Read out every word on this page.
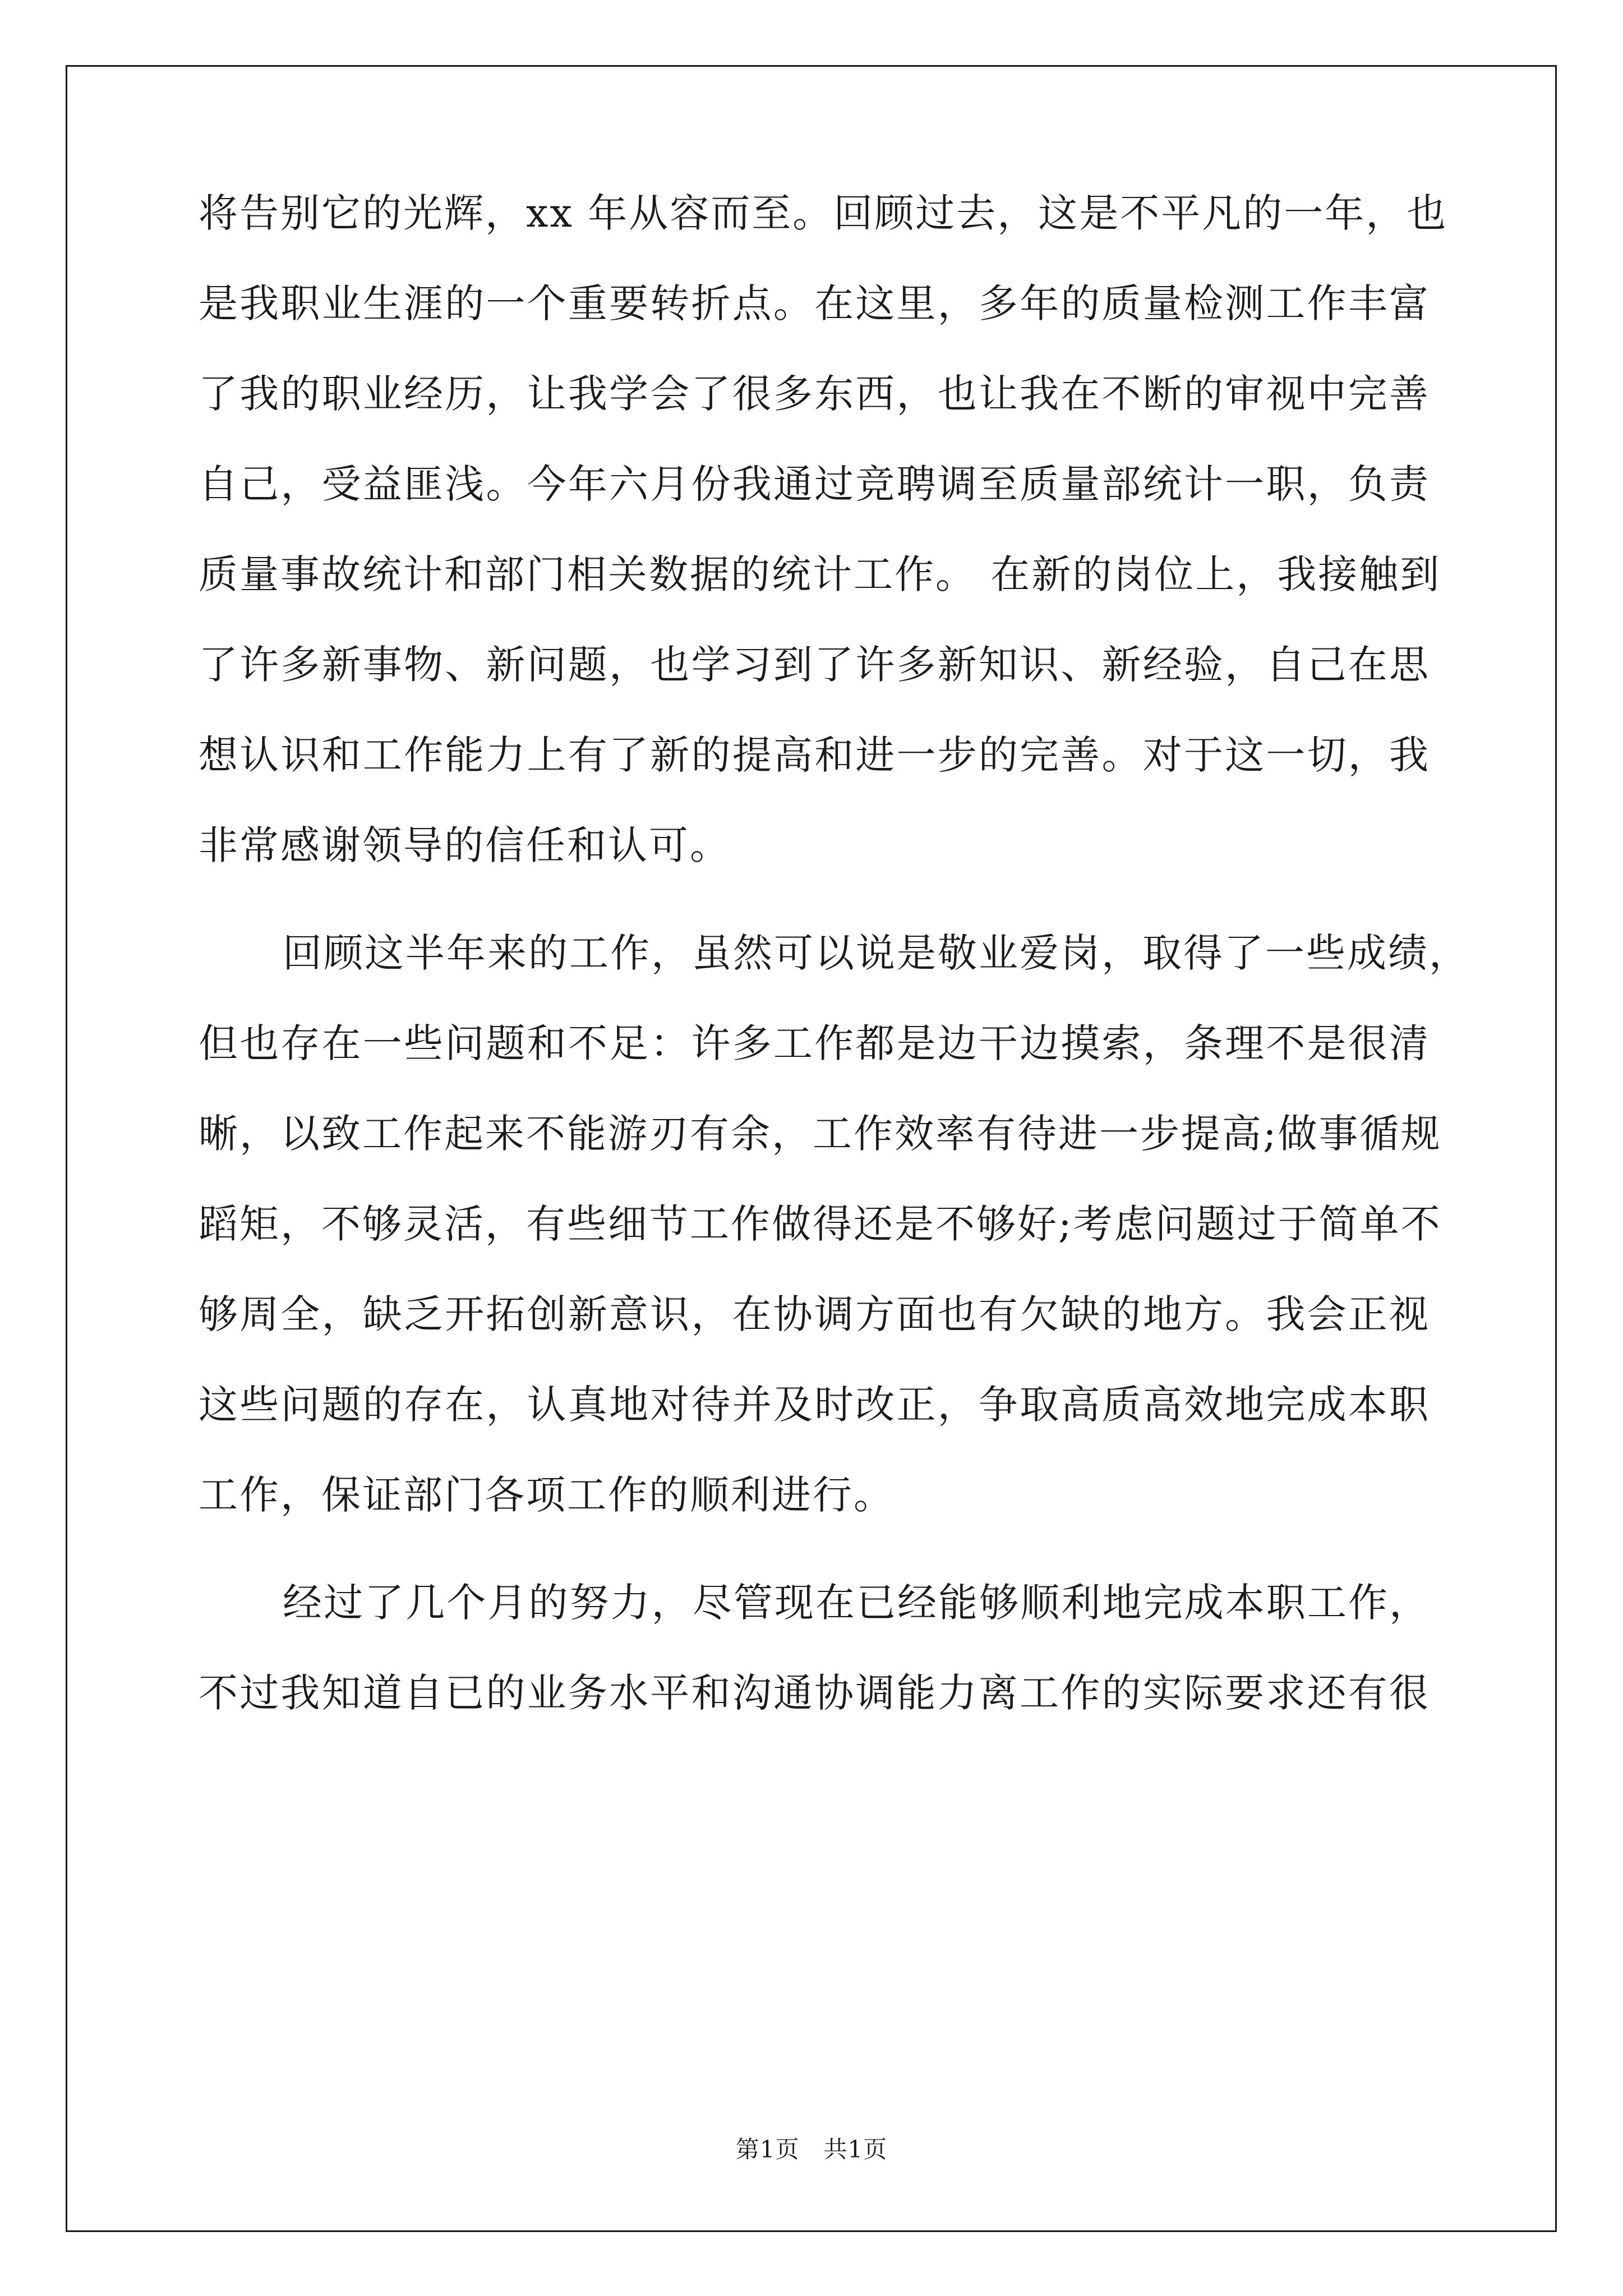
将告别它的光辉，xx 年从容而至。回顾过去，这是不平凡的一年，也
是我职业生涯的一个重要转折点。在这里，多年的质量检测工作丰富
了我的职业经历，让我学会了很多东西，也让我在不断的审视中完善
自己，受益匪浅。今年六月份我通过竞聘调至质量部统计一职，负责
质量事故统计和部门相关数据的统计工作。 在新的岗位上，我接触到
了许多新事物、新问题，也学习到了许多新知识、新经验，自己在思
想认识和工作能力上有了新的提高和进一步的完善。对于这一切，我
非常感谢领导的信任和认可。
回顾这半年来的工作，虽然可以说是敬业爱岗，取得了一些成绩，
但也存在一些问题和不足：许多工作都是边干边摸索，条理不是很清
晰，以致工作起来不能游刃有余，工作效率有待进一步提高;做事循规
蹈矩，不够灵活，有些细节工作做得还是不够好;考虑问题过于简单不
够周全，缺乏开拓创新意识，在协调方面也有欠缺的地方。我会正视
这些问题的存在，认真地对待并及时改正，争取高质高效地完成本职
工作，保证部门各项工作的顺利进行。
经过了几个月的努力，尽管现在已经能够顺利地完成本职工作，
不过我知道自已的业务水平和沟通协调能力离工作的实际要求还有很
第1页　共1页
